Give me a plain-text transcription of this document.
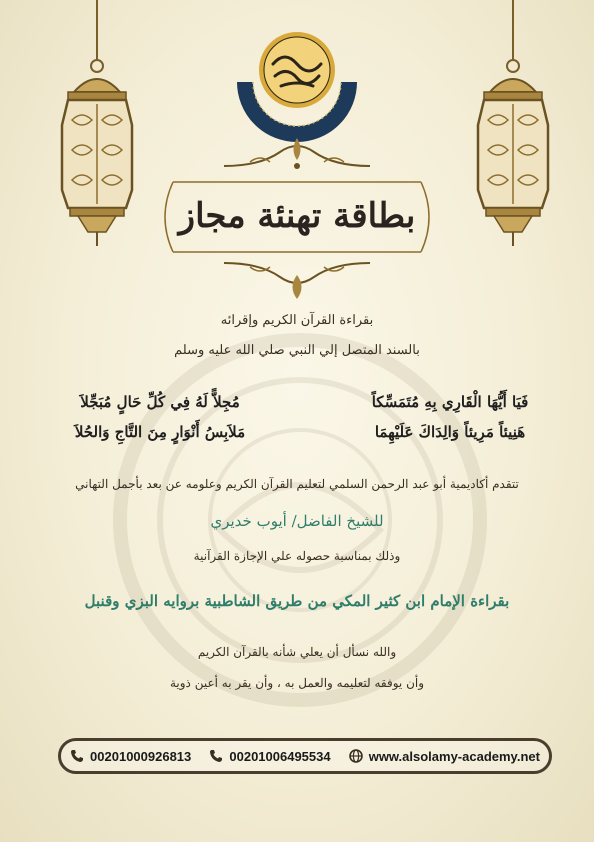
بطاقة تهنئة مجاز
بقراءة القرآن الكريم وإقرائه
بالسند المتصل إلي النبي صلي الله عليه وسلم
فَيَا أَيُّهَا الْقَارِي بِهِ مُتَمَسِّكاً
مُجِلاًّ لَهُ فِي كُلِّ حَالٍ مُبَجِّلاَ
هَنِيئاً مَرِيئاً وَالِدَاكَ عَلَيْهِمَا
مَلاَبِسُ أَنْوَارٍ مِنَ التَّاجِ وَالحُلاَ
تتقدم أكاديمية أبو عبد الرحمن السلمي لتعليم القرآن الكريم وعلومه عن بعد بأجمل التهاني
للشيخ الفاضل/ أيوب خديري
وذلك بمناسبة حصوله علي الإجازة القرآنية
بقراءة الإمام ابن كثير المكي من طريق الشاطبية بروايه البزي وقنبل
والله نسأل أن يعلي شأنه بالقرآن الكريم
وأن يوفقه لتعليمه والعمل به ، وأن يقر به أعين ذوية
00201000926813	00201006495534	www.alsolamy-academy.net
